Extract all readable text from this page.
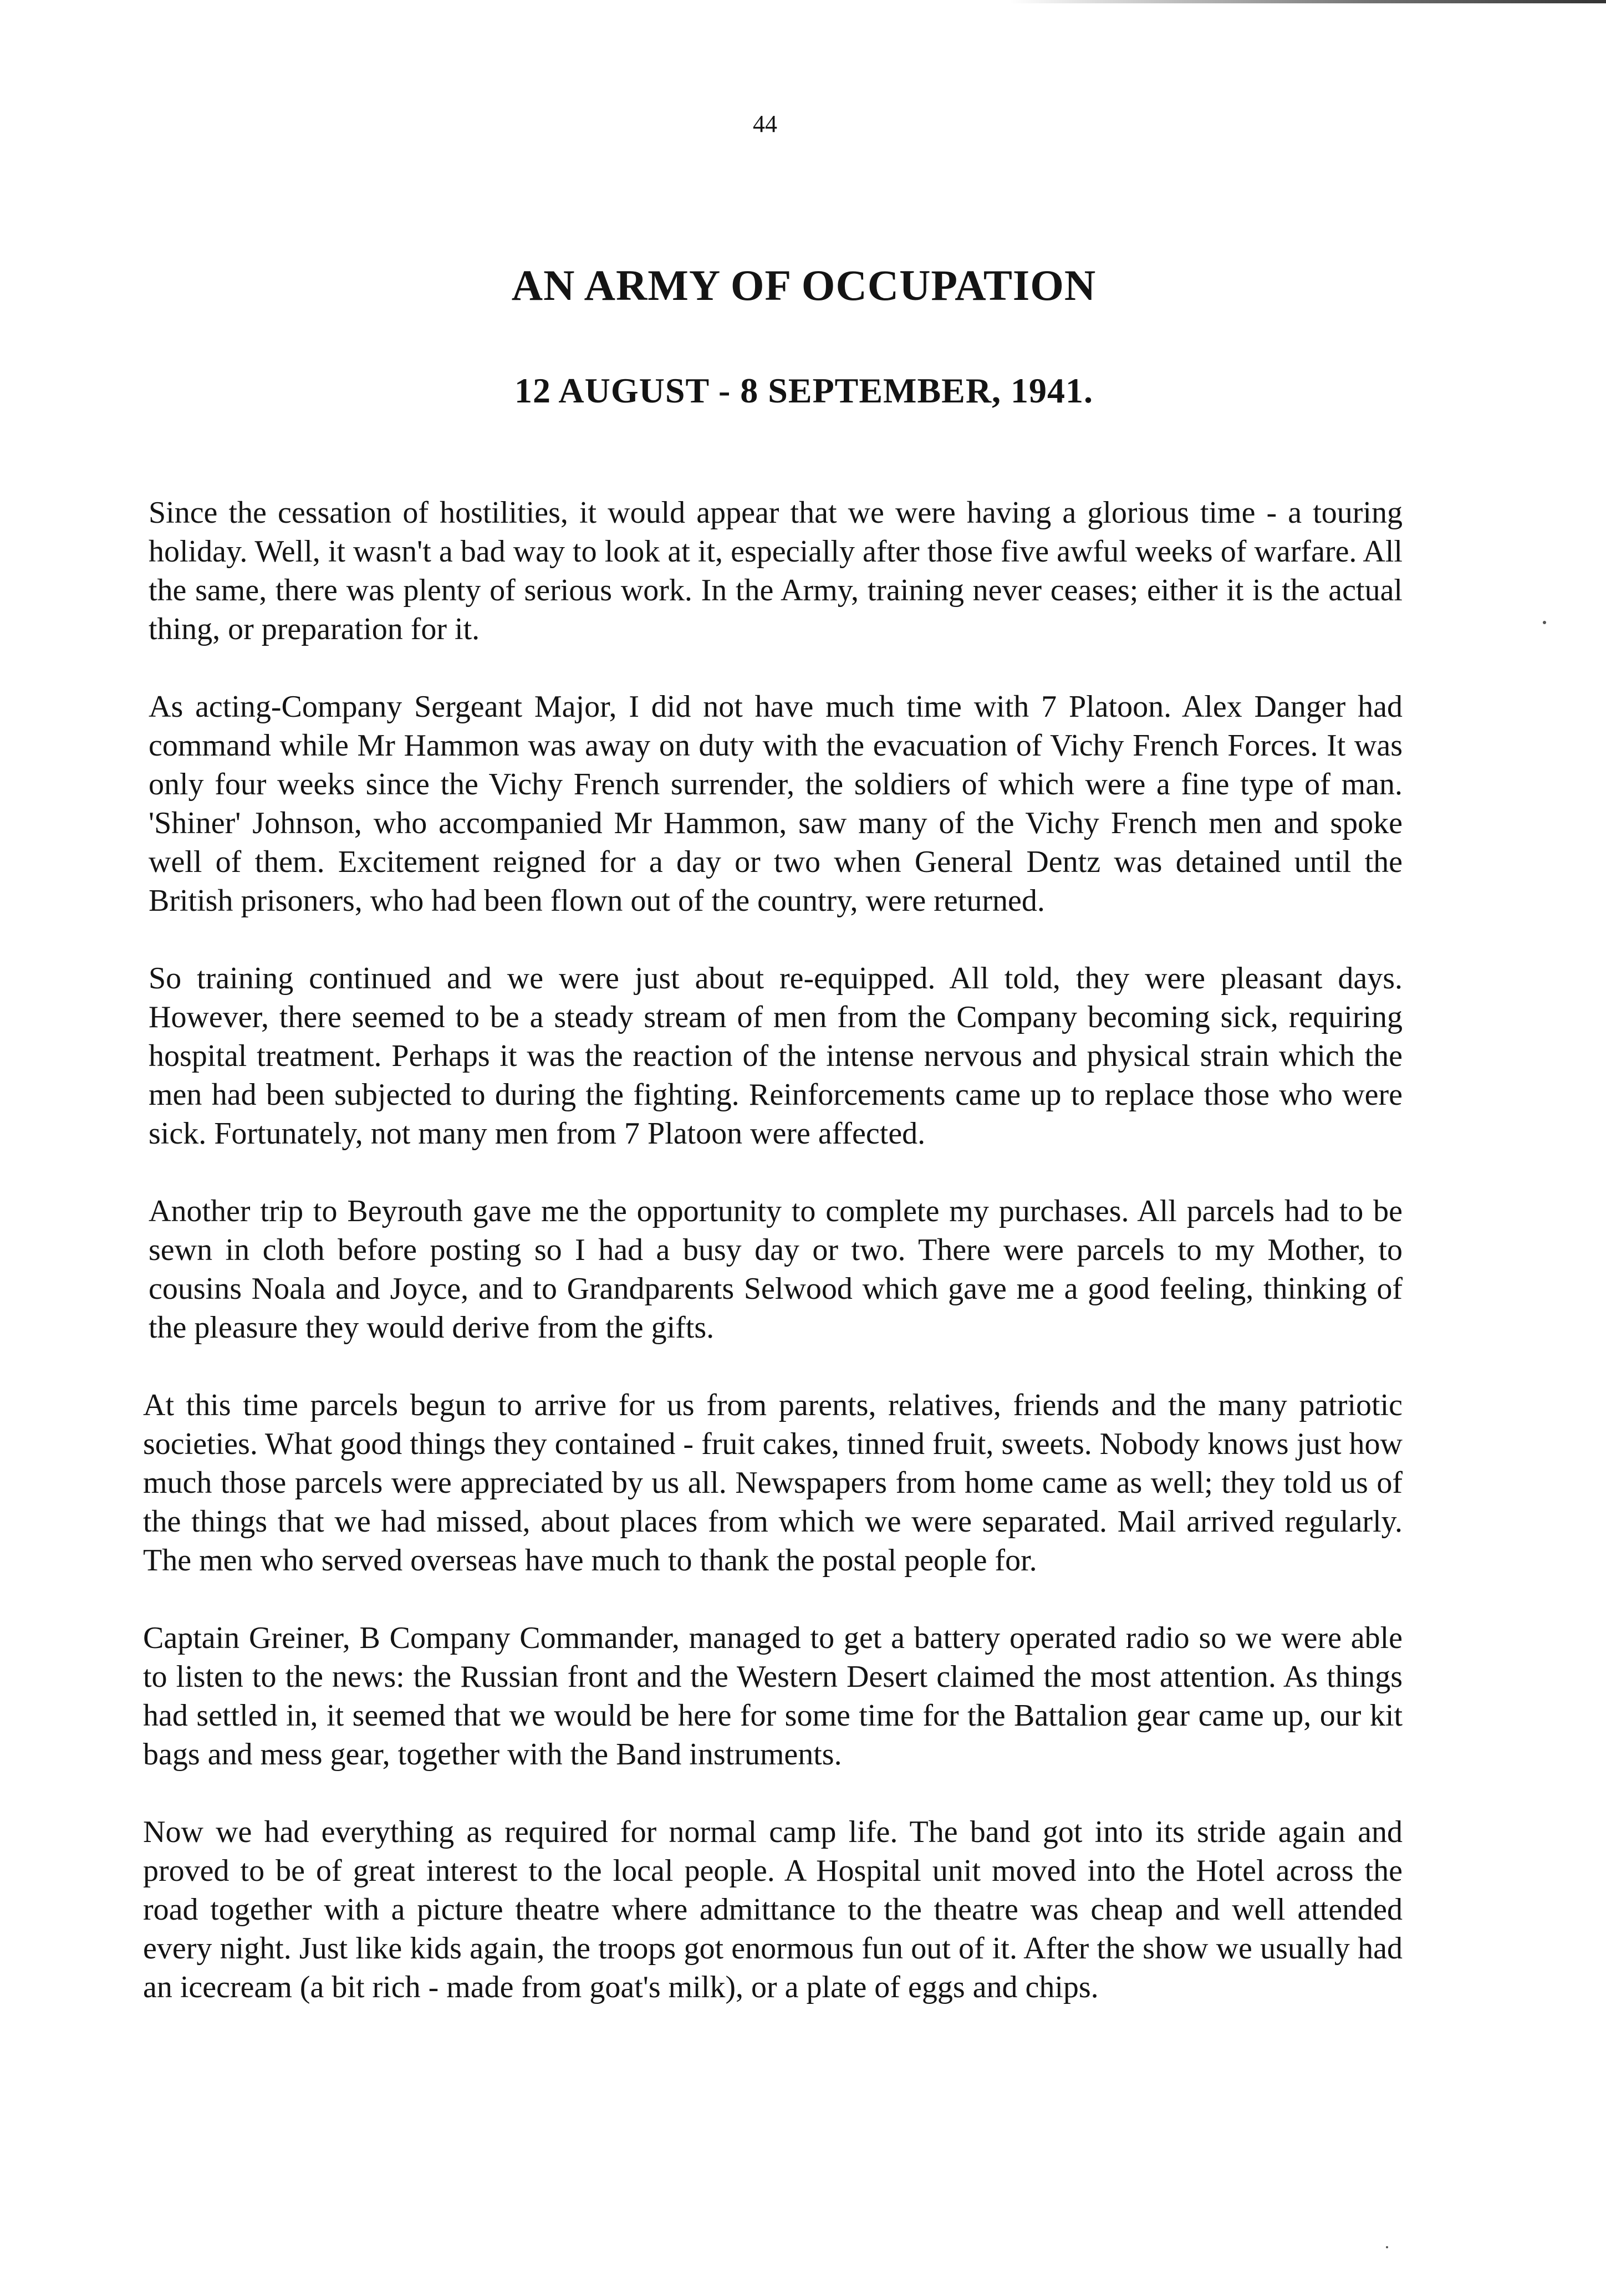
44
AN ARMY OF OCCUPATION
12 AUGUST - 8 SEPTEMBER, 1941.

Since the cessation of hostilities, it would appear that we were having a glorious time - a touring holiday. Well, it wasn't a bad way to look at it, especially after those five awful weeks of warfare. All the same, there was plenty of serious work. In the Army, training never ceases; either it is the actual thing, or preparation for it.

As acting-Company Sergeant Major, I did not have much time with 7 Platoon. Alex Danger had command while Mr Hammon was away on duty with the evacuation of Vichy French Forces. It was only four weeks since the Vichy French surrender, the soldiers of which were a fine type of man. 'Shiner' Johnson, who accompanied Mr Hammon, saw many of the Vichy French men and spoke well of them. Excitement reigned for a day or two when General Dentz was detained until the British prisoners, who had been flown out of the country, were returned.

So training continued and we were just about re-equipped. All told, they were pleasant days. However, there seemed to be a steady stream of men from the Company becoming sick, requiring hospital treatment. Perhaps it was the reaction of the intense nervous and physical strain which the men had been subjected to during the fighting. Reinforcements came up to replace those who were sick. Fortunately, not many men from 7 Platoon were affected.

Another trip to Beyrouth gave me the opportunity to complete my purchases. All parcels had to be sewn in cloth before posting so I had a busy day or two. There were parcels to my Mother, to cousins Noala and Joyce, and to Grandparents Selwood which gave me a good feeling, thinking of the pleasure they would derive from the gifts.

At this time parcels begun to arrive for us from parents, relatives, friends and the many patriotic societies. What good things they contained - fruit cakes, tinned fruit, sweets. Nobody knows just how much those parcels were appreciated by us all. Newspapers from home came as well; they told us of the things that we had missed, about places from which we were separated. Mail arrived regularly. The men who served overseas have much to thank the postal people for.

Captain Greiner, B Company Commander, managed to get a battery operated radio so we were able to listen to the news: the Russian front and the Western Desert claimed the most attention. As things had settled in, it seemed that we would be here for some time for the Battalion gear came up, our kit bags and mess gear, together with the Band instruments.

Now we had everything as required for normal camp life. The band got into its stride again and proved to be of great interest to the local people. A Hospital unit moved into the Hotel across the road together with a picture theatre where admittance to the theatre was cheap and well attended every night. Just like kids again, the troops got enormous fun out of it. After the show we usually had an icecream (a bit rich - made from goat's milk), or a plate of eggs and chips.
